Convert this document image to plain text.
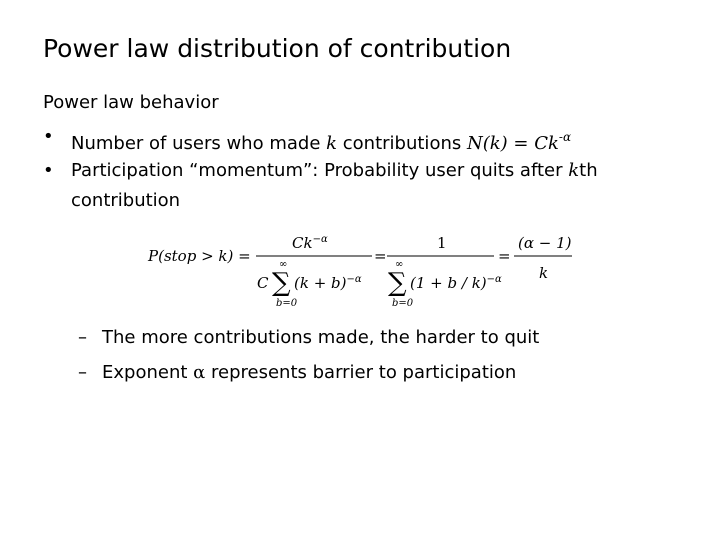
Power law distribution of contribution
Power law behavior
• Number of users who made k contributions $N(k) = Ck^{-\alpha}$
• Participation “momentum”: Probability user quits after kth
contribution
P(stop > k) =
$Ck^{-\alpha}$
C
∞
∑
b=0
$(k + b)^{-\alpha}$
=
1
∞
∑
b=0
$(1 + b / k)^{-\alpha}$
=
(α − 1)
k
– The more contributions made, the harder to quit
– Exponent α represents barrier to participation
